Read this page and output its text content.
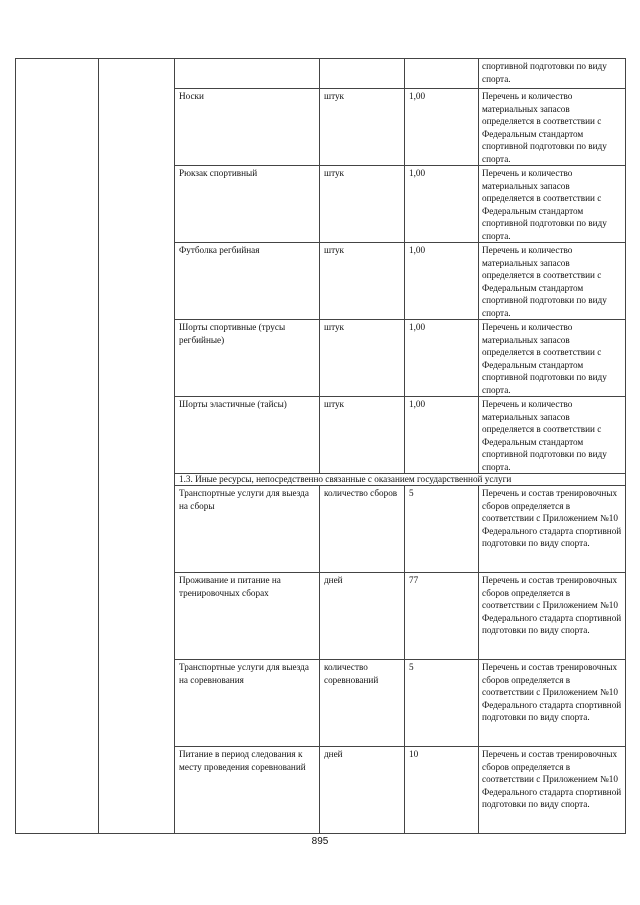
					спортивной подготовки по виду спорта.
		Носки	штук	1,00	Перечень и количество материальных запасов определяется в соответствии с Федеральным стандартом спортивной подготовки по виду спорта.
		Рюкзак спортивный	штук	1,00	Перечень и количество материальных запасов определяется в соответствии с Федеральным стандартом спортивной подготовки по виду спорта.
		Футболка регбийная	штук	1,00	Перечень и количество материальных запасов определяется в соответствии с Федеральным стандартом спортивной подготовки по виду спорта.
		Шорты спортивные (трусы регбийные)	штук	1,00	Перечень и количество материальных запасов определяется в соответствии с Федеральным стандартом спортивной подготовки по виду спорта.
		Шорты эластичные (тайсы)	штук	1,00	Перечень и количество материальных запасов определяется в соответствии с Федеральным стандартом спортивной подготовки по виду спорта.
		1.3. Иные ресурсы, непосредственно связанные с оказанием государственной услуги			
		Транспортные услуги для выезда на сборы	количество сборов	5	Перечень и состав тренировочных сборов определяется в соответствии с Приложением №10 Федерального стадарта спортивной подготовки по виду спорта.
		Проживание и питание на тренировочных сборах	дней	77	Перечень и состав тренировочных сборов определяется в соответствии с Приложением №10 Федерального стадарта спортивной подготовки по виду спорта.
		Транспортные услуги для выезда на соревнования	количество соревнований	5	Перечень и состав тренировочных сборов определяется в соответствии с Приложением №10 Федерального стадарта спортивной подготовки по виду спорта.
		Питание в период следования к месту проведения соревнований	дней	10	Перечень и состав тренировочных сборов определяется в соответствии с Приложением №10 Федерального стадарта спортивной подготовки по виду спорта.
895
